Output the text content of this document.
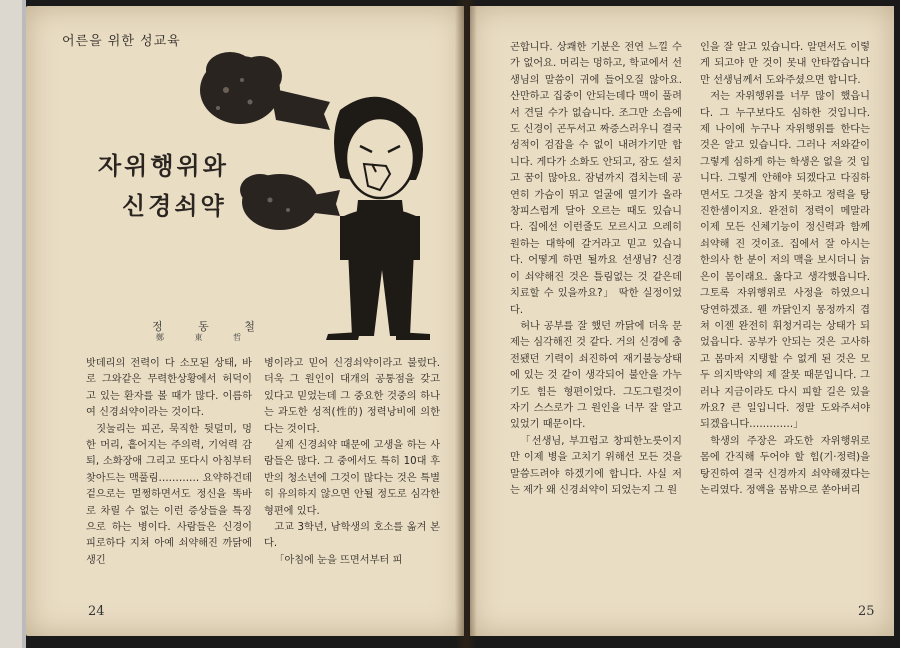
어른을 위한 성교육
자위행위와
신경쇠약
정 동 철
鄭 東 哲

밧데리의 전력이 다 소모된 상태, 바로 그와같은 무력한상황에서 허덕이고 있는 환자를 볼 때가 많다. 이름하여 신경쇠약이라는 것이다.

짓눌리는 피곤, 묵직한 뒷덜미, 멍한 머리, 흩어지는 주의력, 기억력 감퇴, 소화장애 그리고 또다시 아침부터 찾아드는 맥풀림………… 요약하건데 겉으로는 멀쩡하면서도 정신을 똑바로 차릴 수 없는 이런 증상들을 특징으로 하는 병이다. 사람들은 신경이 피로하다 지쳐 아예 쇠약해진 까닭에 생긴

병이라고 믿어 신경쇠약이라고 불렀다. 더욱 그 원인이 대개의 공통점을 갖고 있다고 믿었는데 그 중요한 것중의 하나는 과도한 성적(性的) 정력낭비에 의한다는 것이다.

실제 신경쇠약 때문에 고생을 하는 사람들은 많다. 그 중에서도 특히 10대 후반의 청소년에 그것이 많다는 것은 특별히 유의하지 않으면 안될 정도로 심각한 형편에 있다.

고교 3학년, 남학생의 호소를 옮겨 본다.

「아침에 눈을 뜨면서부터 피

곤합니다. 상쾌한 기분은 전연 느낄 수가 없어요. 머리는 멍하고, 학교에서 선생님의 말씀이 귀에 들어오질 않아요. 산만하고 집중이 안되는데다 맥이 풀려서 견딜 수가 없습니다. 조그만 소음에도 신경이 곤두서고 짜증스러우니 결국 성적이 검잡을 수 없이 내려가기만 합니다. 게다가 소화도 안되고, 잠도 설치고 꿈이 많아요. 잠념까지 겹치는데 공연히 가슴이 뛰고 얼굴에 열기가 올라 창피스럽게 달아 오르는 때도 있습니다. 집에선 이런줄도 모르시고 으레히 원하는 대학에 갈거라고 믿고 있습니다. 어떻게 하면 될까요 선생님? 신경이 쇠약해진 것은 틀림없는 것 같은데 치료할 수 있을까요?」 딱한 실정이었다.

허나 공부를 잘 했던 까닭에 더욱 문제는 심각해진 것 같다. 거의 신경에 충전됐던 기력이 쇠진하여 재기불능상태에 있는 것 같이 생각되어 불안을 가누기도 힘든 형편이었다. 그도그럴것이 자기 스스로가 그 원인을 너무 잘 알고 있었기 때문이다.

「선생님, 부끄럽고 창피한노릇이지만 이제 병을 고치기 위해선 모든 것을 말씀드려야 하겠기에 합니다. 사실 저는 제가 왜 신경쇠약이 되었는지 그 원

인을 잘 알고 있습니다. 알면서도 이렇게 되고야 만 것이 못내 안타깝습니다만 선생님께서 도와주셨으면 합니다.

저는 자위행위를 너무 많이 했읍니다. 그 누구보다도 심하한 것입니다. 제 나이에 누구나 자위행위를 한다는 것은 알고 있습니다. 그러나 저와같이 그렇게 심하게 하는 학생은 없을 것 입니다. 그렇게 안해야 되겠다고 다짐하면서도 그것을 참지 못하고 정력을 탕진한셈이지요. 완전히 정력이 메말라 이제 모든 신체기능이 정신력과 함께 쇠약해 진 것이죠. 집에서 잘 아시는 한의사 한 분이 저의 맥을 보시더니 늙은이 몸이래요. 옳다고 생각했읍니다. 그토록 자위행위로 사정을 하였으니 당연하겠죠. 웬 까닭인지 몽정까지 겹쳐 이젠 완전히 휘청거리는 상태가 되었읍니다. 공부가 안되는 것은 고사하고 몸마저 지탱할 수 없게 된 것은 모두 의지박약의 제 잘못 때문입니다. 그러나 지금이라도 다시 피할 길은 있을까요? 큰 일입니다. 정말 도와주셔야 되겠읍니다.…………」

학생의 주장은 과도한 자위행위로 몸에 간직해 두어야 할 힘(기·정력)을 탕진하여 결국 신경까지 쇠약해졌다는 논리였다. 정액을 몸밖으로 쏟아버리

24	25
